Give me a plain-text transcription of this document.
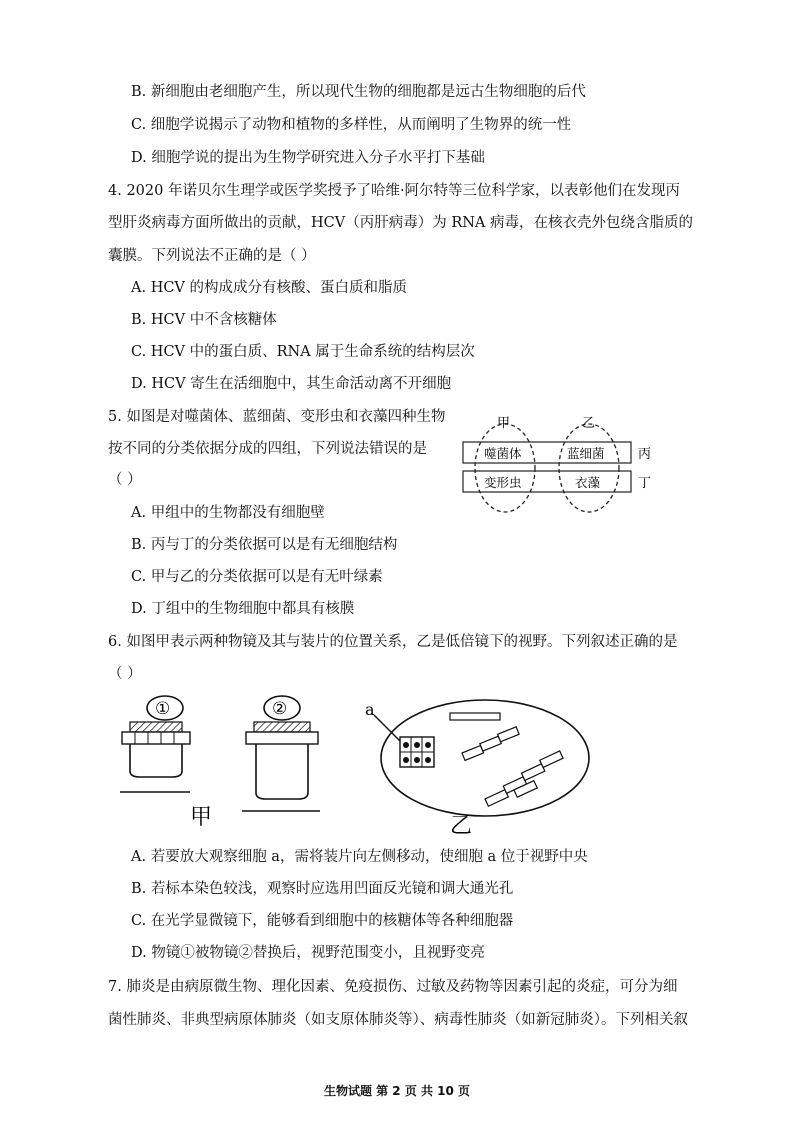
B. 新细胞由老细胞产生，所以现代生物的细胞都是远古生物细胞的后代
C. 细胞学说揭示了动物和植物的多样性，从而阐明了生物界的统一性
D. 细胞学说的提出为生物学研究进入分子水平打下基础
4. 2020 年诺贝尔生理学或医学奖授予了哈维·阿尔特等三位科学家，以表彰他们在发现丙
型肝炎病毒方面所做出的贡献，HCV（丙肝病毒）为 RNA 病毒，在核衣壳外包绕含脂质的
囊膜。下列说法不正确的是（ ）
A. HCV 的构成成分有核酸、蛋白质和脂质
B. HCV 中不含核糖体
C. HCV 中的蛋白质、RNA 属于生命系统的结构层次
D. HCV 寄生在活细胞中，其生命活动离不开细胞
5. 如图是对噬菌体、蓝细菌、变形虫和衣藻四种生物
按不同的分类依据分成的四组，下列说法错误的是
（ ）
A. 甲组中的生物都没有细胞壁
B. 丙与丁的分类依据可以是有无细胞结构
C. 甲与乙的分类依据可以是有无叶绿素
D. 丁组中的生物细胞中都具有核膜
甲	乙
丙
丁
噬菌体	蓝细菌
变形虫	衣藻
6. 如图甲表示两种物镜及其与装片的位置关系，乙是低倍镜下的视野。下列叙述正确的是
（ ）
①	②
甲
a
乙
A. 若要放大观察细胞 a，需将装片向左侧移动，使细胞 a 位于视野中央
B. 若标本染色较浅，观察时应选用凹面反光镜和调大通光孔
C. 在光学显微镜下，能够看到细胞中的核糖体等各种细胞器
D. 物镜①被物镜②替换后，视野范围变小，且视野变亮
7. 肺炎是由病原微生物、理化因素、免疫损伤、过敏及药物等因素引起的炎症，可分为细
菌性肺炎、非典型病原体肺炎（如支原体肺炎等）、病毒性肺炎（如新冠肺炎）。下列相关叙
生物试题 第 2 页 共 10 页
